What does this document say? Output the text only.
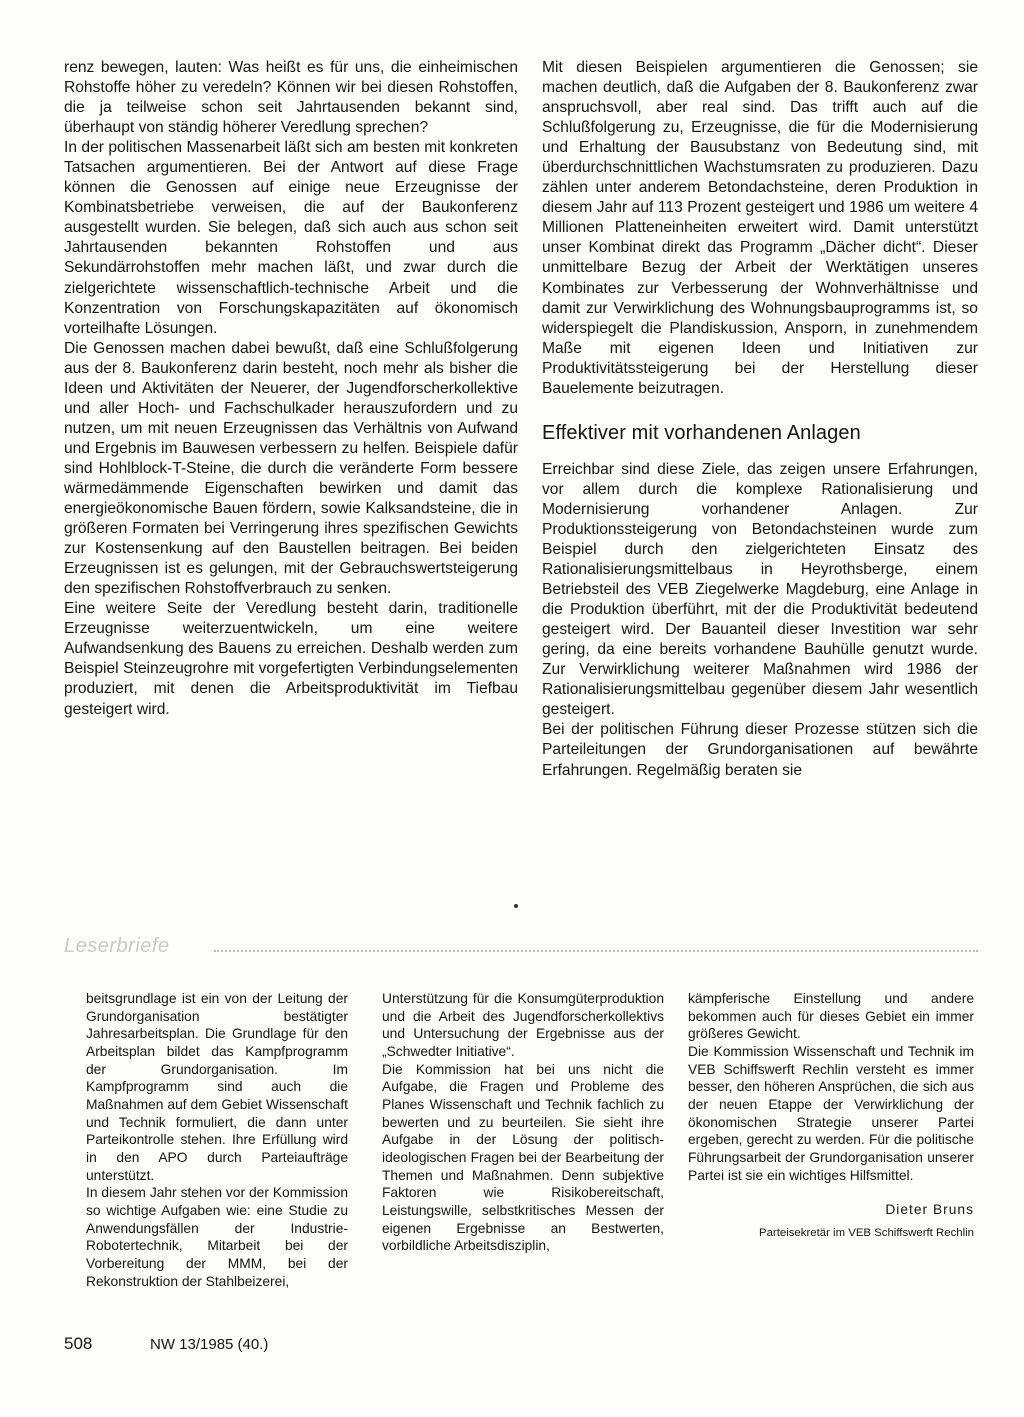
renz bewegen, lauten: Was heißt es für uns, die einheimischen Rohstoffe höher zu veredeln? Können wir bei diesen Rohstoffen, die ja teilweise schon seit Jahrtausenden bekannt sind, überhaupt von ständig höherer Veredlung sprechen?

In der politischen Massenarbeit läßt sich am besten mit konkreten Tatsachen argumentieren. Bei der Antwort auf diese Frage können die Genossen auf einige neue Erzeugnisse der Kombinatsbetriebe verweisen, die auf der Baukonferenz ausgestellt wurden. Sie belegen, daß sich auch aus schon seit Jahrtausenden bekannten Rohstoffen und aus Sekundärrohstoffen mehr machen läßt, und zwar durch die zielgerichtete wissenschaftlich-technische Arbeit und die Konzentration von Forschungskapazitäten auf ökonomisch vorteilhafte Lösungen.

Die Genossen machen dabei bewußt, daß eine Schlußfolgerung aus der 8. Baukonferenz darin besteht, noch mehr als bisher die Ideen und Aktivitäten der Neuerer, der Jugendforscherkollektive und aller Hoch- und Fachschulkader herauszufordern und zu nutzen, um mit neuen Erzeugnissen das Verhältnis von Aufwand und Ergebnis im Bauwesen verbessern zu helfen. Beispiele dafür sind Hohlblock-T-Steine, die durch die veränderte Form bessere wärmedämmende Eigenschaften bewirken und damit das energieökonomische Bauen fördern, sowie Kalksandsteine, die in größeren Formaten bei Verringerung ihres spezifischen Gewichts zur Kostensenkung auf den Baustellen beitragen. Bei beiden Erzeugnissen ist es gelungen, mit der Gebrauchswertsteigerung den spezifischen Rohstoffverbrauch zu senken.

Eine weitere Seite der Veredlung besteht darin, traditionelle Erzeugnisse weiterzuentwickeln, um eine weitere Aufwandsenkung des Bauens zu erreichen. Deshalb werden zum Beispiel Steinzeugrohre mit vorgefertigten Verbindungselementen produziert, mit denen die Arbeitsproduktivität im Tiefbau gesteigert wird.

Mit diesen Beispielen argumentieren die Genossen; sie machen deutlich, daß die Aufgaben der 8. Baukonferenz zwar anspruchsvoll, aber real sind. Das trifft auch auf die Schlußfolgerung zu, Erzeugnisse, die für die Modernisierung und Erhaltung der Bausubstanz von Bedeutung sind, mit überdurchschnittlichen Wachstumsraten zu produzieren. Dazu zählen unter anderem Betondachsteine, deren Produktion in diesem Jahr auf 113 Prozent gesteigert und 1986 um weitere 4 Millionen Platteneinheiten erweitert wird. Damit unterstützt unser Kombinat direkt das Programm „Dächer dicht“. Dieser unmittelbare Bezug der Arbeit der Werktätigen unseres Kombinates zur Verbesserung der Wohnverhältnisse und damit zur Verwirklichung des Wohnungsbauprogramms ist, so widerspiegelt die Plandiskussion, Ansporn, in zunehmendem Maße mit eigenen Ideen und Initiativen zur Produktivitätssteigerung bei der Herstellung dieser Bauelemente beizutragen.

Effektiver mit vorhandenen Anlagen

Erreichbar sind diese Ziele, das zeigen unsere Erfahrungen, vor allem durch die komplexe Rationalisierung und Modernisierung vorhandener Anlagen. Zur Produktionssteigerung von Betondachsteinen wurde zum Beispiel durch den zielgerichteten Einsatz des Rationalisierungsmittelbaus in Heyrothsberge, einem Betriebsteil des VEB Ziegelwerke Magdeburg, eine Anlage in die Produktion überführt, mit der die Produktivität bedeutend gesteigert wird. Der Bauanteil dieser Investition war sehr gering, da eine bereits vorhandene Bauhülle genutzt wurde. Zur Verwirklichung weiterer Maßnahmen wird 1986 der Rationalisierungsmittelbau gegenüber diesem Jahr wesentlich gesteigert.

Bei der politischen Führung dieser Prozesse stützen sich die Parteileitungen der Grundorganisationen auf bewährte Erfahrungen. Regelmäßig beraten sie

Leserbriefe

beitsgrundlage ist ein von der Leitung der Grundorganisation bestätigter Jahresarbeitsplan. Die Grundlage für den Arbeitsplan bildet das Kampfprogramm der Grundorganisation. Im Kampfprogramm sind auch die Maßnahmen auf dem Gebiet Wissenschaft und Technik formuliert, die dann unter Parteikontrolle stehen. Ihre Erfüllung wird in den APO durch Parteiaufträge unterstützt.

In diesem Jahr stehen vor der Kommission so wichtige Aufgaben wie: eine Studie zu Anwendungsfällen der Industrie-Robotertechnik, Mitarbeit bei der Vorbereitung der MMM, bei der Rekonstruktion der Stahlbeizerei,

Unterstützung für die Konsumgüterproduktion und die Arbeit des Jugendforscherkollektivs und Untersuchung der Ergebnisse aus der „Schwedter Initiative“.

Die Kommission hat bei uns nicht die Aufgabe, die Fragen und Probleme des Planes Wissenschaft und Technik fachlich zu bewerten und zu beurteilen. Sie sieht ihre Aufgabe in der Lösung der politisch-ideologischen Fragen bei der Bearbeitung der Themen und Maßnahmen. Denn subjektive Faktoren wie Risikobereitschaft, Leistungswille, selbstkritisches Messen der eigenen Ergebnisse an Bestwerten, vorbildliche Arbeitsdisziplin,

kämpferische Einstellung und andere bekommen auch für dieses Gebiet ein immer größeres Gewicht.

Die Kommission Wissenschaft und Technik im VEB Schiffswerft Rechlin versteht es immer besser, den höheren Ansprüchen, die sich aus der neuen Etappe der Verwirklichung der ökonomischen Strategie unserer Partei ergeben, gerecht zu werden. Für die politische Führungsarbeit der Grundorganisation unserer Partei ist sie ein wichtiges Hilfsmittel.

Dieter Bruns

Parteisekretär im VEB Schiffswerft Rechlin

508	NW 13/1985 (40.)
